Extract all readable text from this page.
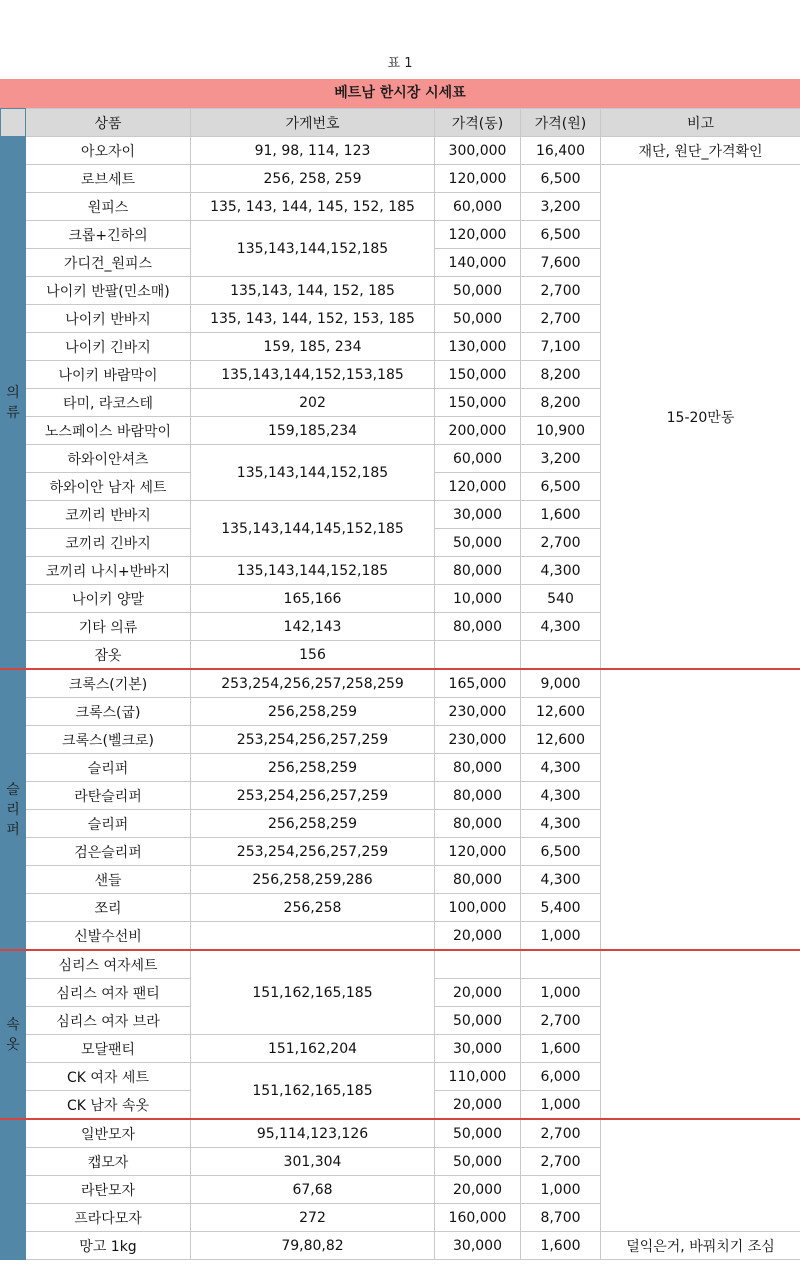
표 1
베트남 한시장 시세표
	상품	가게번호	가격(동)	가격(원)	비고
의
류	아오자이	91, 98, 114, 123	300,000	16,400	재단, 원단_가격확인
	로브세트	256, 258, 259	120,000	6,500	15-20만동
	원피스	135, 143, 144, 145, 152, 185	60,000	3,200	
	크롭+긴하의	135,143,144,152,185	120,000	6,500	
	가디건_원피스		140,000	7,600	
	나이키 반팔(민소매)	135,143, 144, 152, 185	50,000	2,700	
	나이키 반바지	135, 143, 144, 152, 153, 185	50,000	2,700	
	나이키 긴바지	159, 185, 234	130,000	7,100	
	나이키 바람막이	135,143,144,152,153,185	150,000	8,200	
	타미, 라코스테	202	150,000	8,200	
	노스페이스 바람막이	159,185,234	200,000	10,900	
	하와이안셔츠	135,143,144,152,185	60,000	3,200	
	하와이안 남자 세트		120,000	6,500	
	코끼리 반바지	135,143,144,145,152,185	30,000	1,600	
	코끼리 긴바지		50,000	2,700	
	코끼리 나시+반바지	135,143,144,152,185	80,000	4,300	
	나이키 양말	165,166	10,000	540	
	기타 의류	142,143	80,000	4,300	
	잠옷	156			
슬
리
퍼	크록스(기본)	253,254,256,257,258,259	165,000	9,000	
	크록스(굽)	256,258,259	230,000	12,600	
	크록스(벨크로)	253,254,256,257,259	230,000	12,600	
	슬리퍼	256,258,259	80,000	4,300	
	라탄슬리퍼	253,254,256,257,259	80,000	4,300	
	슬리퍼	256,258,259	80,000	4,300	
	검은슬리퍼	253,254,256,257,259	120,000	6,500	
	샌들	256,258,259,286	80,000	4,300	
	쪼리	256,258	100,000	5,400	
	신발수선비		20,000	1,000	
속
옷	심리스 여자세트	151,162,165,185			
	심리스 여자 팬티		20,000	1,000	
	심리스 여자 브라		50,000	2,700	
	모달팬티	151,162,204	30,000	1,600	
	CK 여자 세트	151,162,165,185	110,000	6,000	
	CK 남자 속옷		20,000	1,000	
	일반모자	95,114,123,126	50,000	2,700	
	캡모자	301,304	50,000	2,700	
	라탄모자	67,68	20,000	1,000	
	프라다모자	272	160,000	8,700	
	망고 1kg	79,80,82	30,000	1,600	덜익은거, 바꿔치기 조심
